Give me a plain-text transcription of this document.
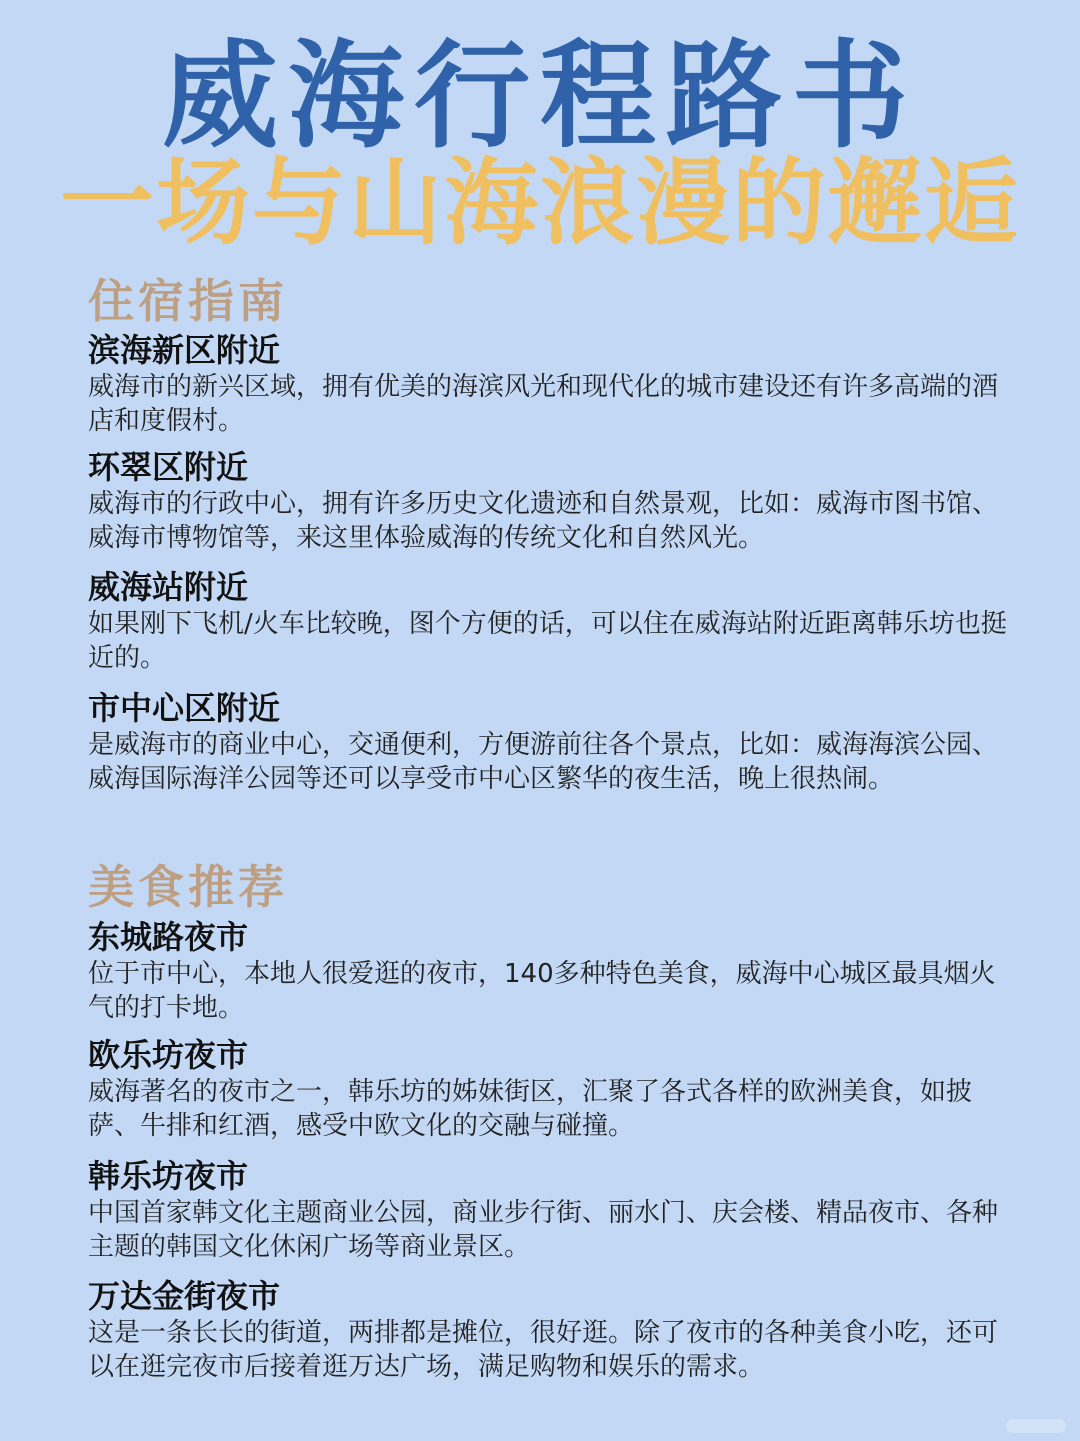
威海行程路书
一场与山海浪漫的邂逅
住宿指南
滨海新区附近
威海市的新兴区域，拥有优美的海滨风光和现代化的城市建设还有许多高端的酒店和度假村。
环翠区附近
威海市的行政中心，拥有许多历史文化遗迹和自然景观，比如：威海市图书馆、威海市博物馆等，来这里体验威海的传统文化和自然风光。
威海站附近
如果刚下飞机/火车比较晚，图个方便的话，可以住在威海站附近距离韩乐坊也挺近的。
市中心区附近
是威海市的商业中心，交通便利，方便游前往各个景点，比如：威海海滨公园、威海国际海洋公园等还可以享受市中心区繁华的夜生活，晚上很热闹。
美食推荐
东城路夜市
位于市中心，本地人很爱逛的夜市，140多种特色美食，威海中心城区最具烟火气的打卡地。
欧乐坊夜市
威海著名的夜市之一，韩乐坊的姊妹街区，汇聚了各式各样的欧洲美食，如披萨、牛排和红酒，感受中欧文化的交融与碰撞。
韩乐坊夜市
中国首家韩文化主题商业公园，商业步行街、丽水门、庆会楼、精品夜市、各种主题的韩国文化休闲广场等商业景区。
万达金街夜市
这是一条长长的街道，两排都是摊位，很好逛。除了夜市的各种美食小吃，还可以在逛完夜市后接着逛万达广场，满足购物和娱乐的需求。
